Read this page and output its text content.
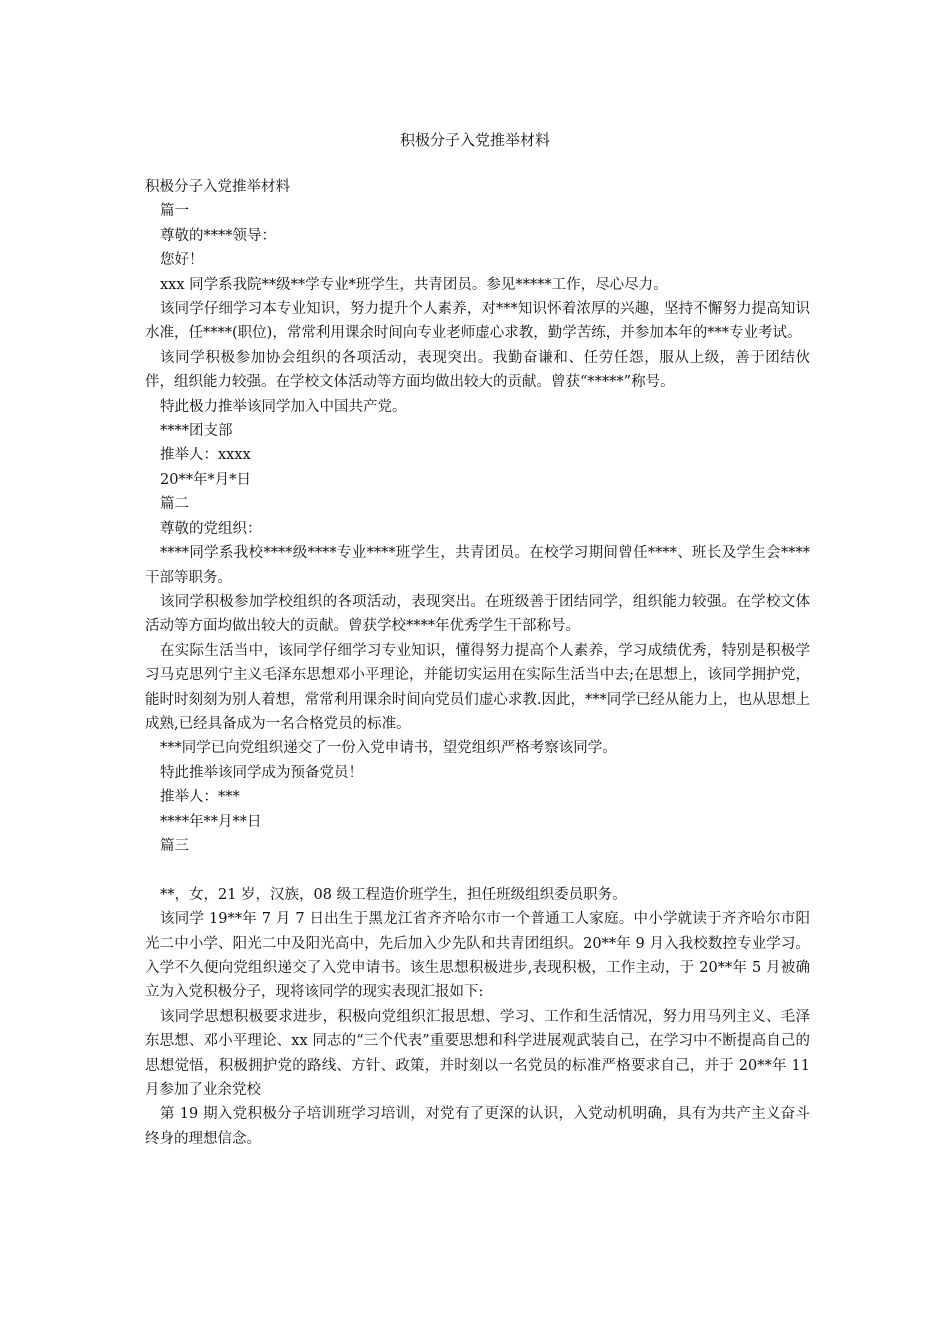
积极分子入党推举材料

积极分子入党推举材料

篇一

尊敬的****领导：

您好！

xxx 同学系我院**级**学专业*班学生，共青团员。参见*****工作，尽心尽力。

该同学仔细学习本专业知识，努力提升个人素养，对***知识怀着浓厚的兴趣，坚持不懈努力提高知识水准，任****(职位)，常常利用课余时间向专业老师虚心求教，勤学苦练，并参加本年的***专业考试。

该同学积极参加协会组织的各项活动，表现突出。我勤奋谦和、任劳任怨，服从上级，善于团结伙伴，组织能力较强。在学校文体活动等方面均做出较大的贡献。曾获“*****”称号。

特此极力推举该同学加入中国共产党。

****团支部

推举人：xxxx

20**年*月*日

篇二

尊敬的党组织：

****同学系我校****级****专业****班学生，共青团员。在校学习期间曾任****、班长及学生会****干部等职务。

该同学积极参加学校组织的各项活动，表现突出。在班级善于团结同学，组织能力较强。在学校文体活动等方面均做出较大的贡献。曾获学校****年优秀学生干部称号。

在实际生活当中，该同学仔细学习专业知识，懂得努力提高个人素养，学习成绩优秀，特别是积极学习马克思列宁主义毛泽东思想邓小平理论，并能切实运用在实际生活当中去;在思想上，该同学拥护党，能时时刻刻为别人着想，常常利用课余时间向党员们虚心求教.因此，***同学已经从能力上，也从思想上成熟,已经具备成为一名合格党员的标准。

***同学已向党组织递交了一份入党申请书，望党组织严格考察该同学。

特此推举该同学成为预备党员！

推举人：***

****年**月**日

篇三

**，女，21 岁，汉族，08 级工程造价班学生，担任班级组织委员职务。

该同学 19**年 7 月 7 日出生于黑龙江省齐齐哈尔市一个普通工人家庭。中小学就读于齐齐哈尔市阳光二中小学、阳光二中及阳光高中，先后加入少先队和共青团组织。20**年 9 月入我校数控专业学习。入学不久便向党组织递交了入党申请书。该生思想积极进步,表现积极，工作主动，于 20**年 5 月被确立为入党积极分子，现将该同学的现实表现汇报如下:

该同学思想积极要求进步，积极向党组织汇报思想、学习、工作和生活情况，努力用马列主义、毛泽东思想、邓小平理论、xx 同志的“三个代表”重要思想和科学进展观武装自己，在学习中不断提高自己的思想觉悟，积极拥护党的路线、方针、政策，并时刻以一名党员的标准严格要求自己，并于 20**年 11 月参加了业余党校

第 19 期入党积极分子培训班学习培训，对党有了更深的认识，入党动机明确，具有为共产主义奋斗终身的理想信念。
